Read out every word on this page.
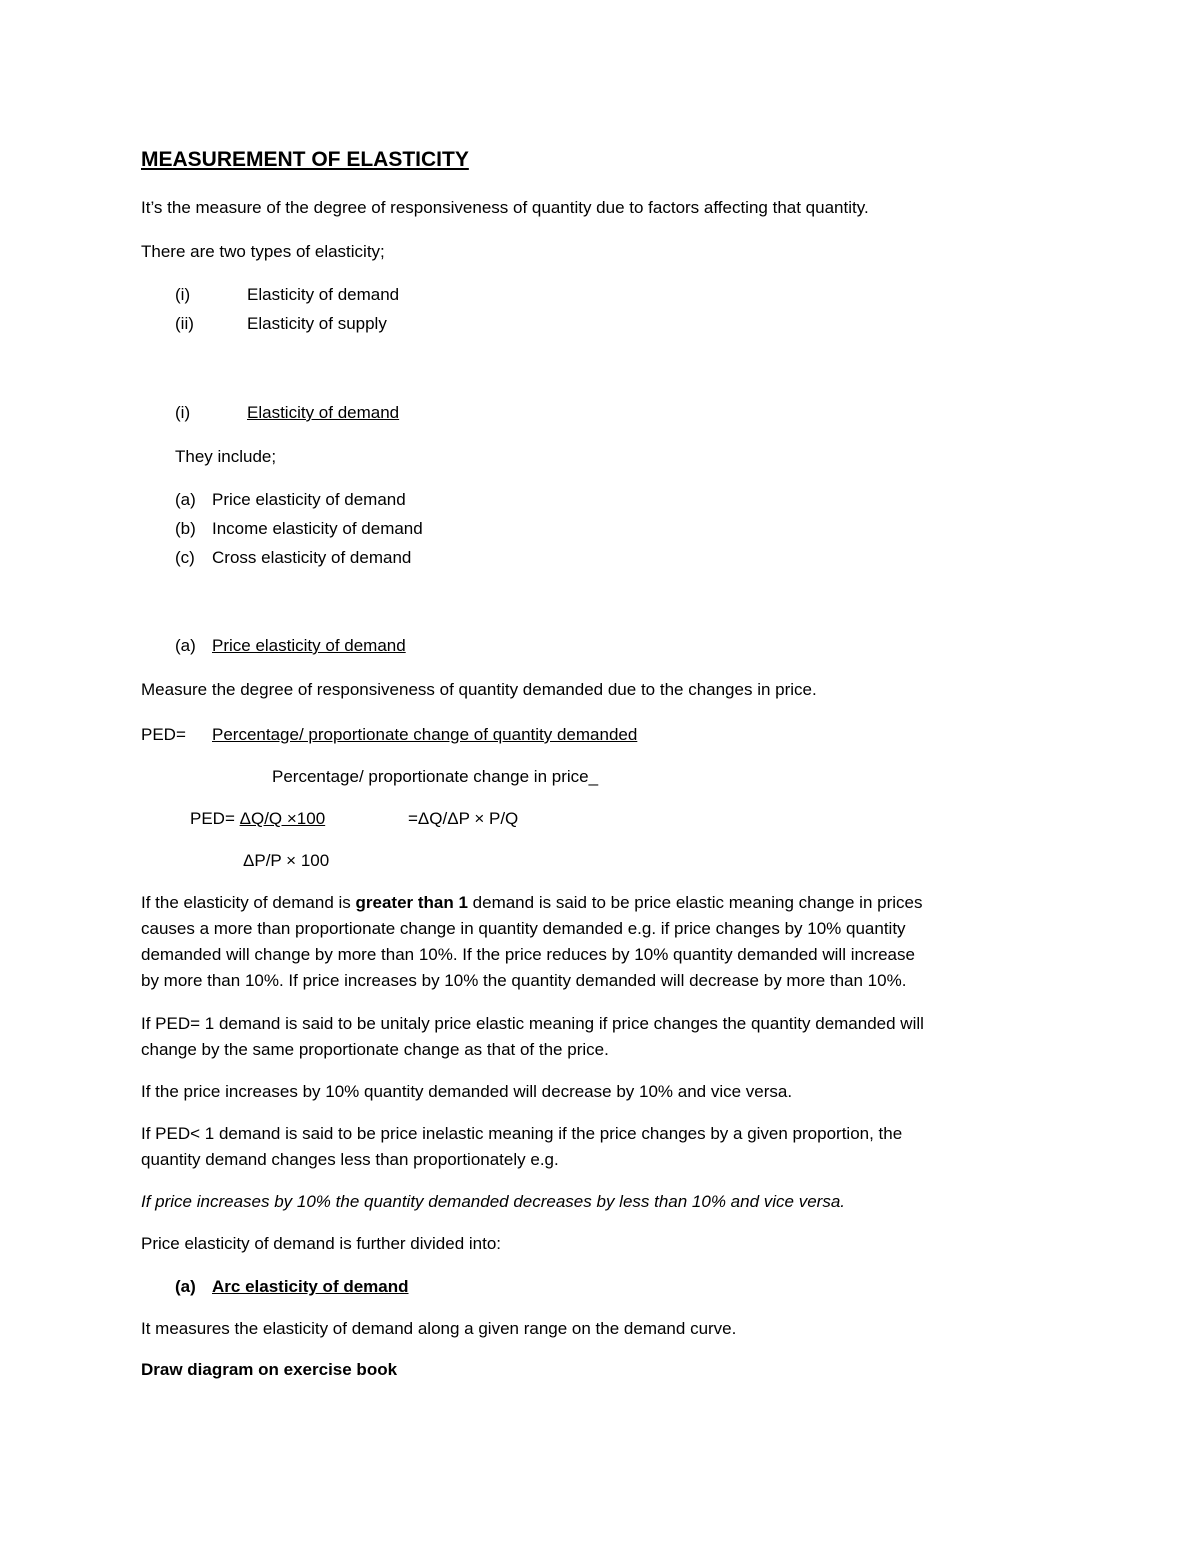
MEASUREMENT OF ELASTICITY
It’s the measure of the degree of responsiveness of quantity due to factors affecting that quantity.
There are two types of elasticity;
(i)	Elasticity of demand
(ii)	Elasticity of supply
(i)	Elasticity of demand
They include;
(a) Price elasticity of demand
(b) Income elasticity of demand
(c) Cross elasticity of demand
(a) Price elasticity of demand
Measure the degree of responsiveness of quantity demanded due to the changes in price.
PED= Percentage/ proportionate change of quantity demanded
Percentage/ proportionate change in price_
PED= ΔQ/Q ×100	=ΔQ/ΔP × P/Q
ΔP/P × 100
If the elasticity of demand is greater than 1 demand is said to be price elastic meaning change in prices
causes a more than proportionate change in quantity demanded e.g. if price changes by 10% quantity
demanded will change by more than 10%. If the price reduces by 10% quantity demanded will increase
by more than 10%. If price increases by 10% the quantity demanded will decrease by more than 10%.
If PED= 1 demand is said to be unitaly price elastic meaning if price changes the quantity demanded will
change by the same proportionate change as that of the price.
If the price increases by 10% quantity demanded will decrease by 10% and vice versa.
If PED< 1 demand is said to be price inelastic meaning if the price changes by a given proportion, the
quantity demand changes less than proportionately e.g.
If price increases by 10% the quantity demanded decreases by less than 10% and vice versa.
Price elasticity of demand is further divided into:
(a) Arc elasticity of demand
It measures the elasticity of demand along a given range on the demand curve.
Draw diagram on exercise book
